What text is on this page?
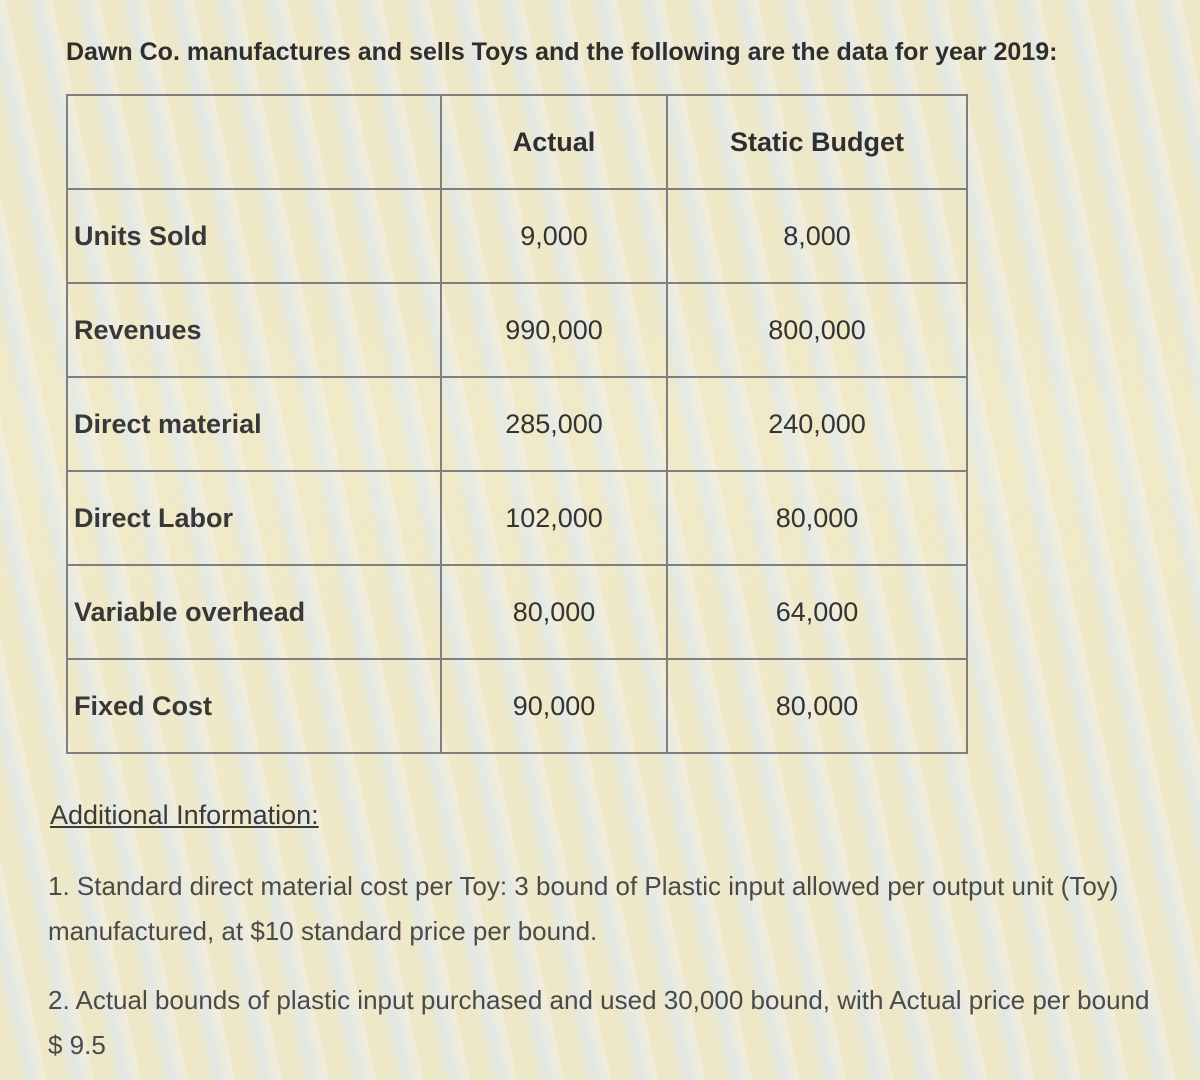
Dawn Co. manufactures and sells Toys and the following are the data for year 2019:
	Actual	Static Budget
Units Sold	9,000	8,000
Revenues	990,000	800,000
Direct material	285,000	240,000
Direct Labor	102,000	80,000
Variable overhead	80,000	64,000
Fixed Cost	90,000	80,000
Additional Information:
1. Standard direct material cost per Toy: 3 bound of Plastic input allowed per output unit (Toy) manufactured, at $10 standard price per bound.
2. Actual bounds of plastic input purchased and used 30,000 bound, with Actual price per bound $ 9.5
